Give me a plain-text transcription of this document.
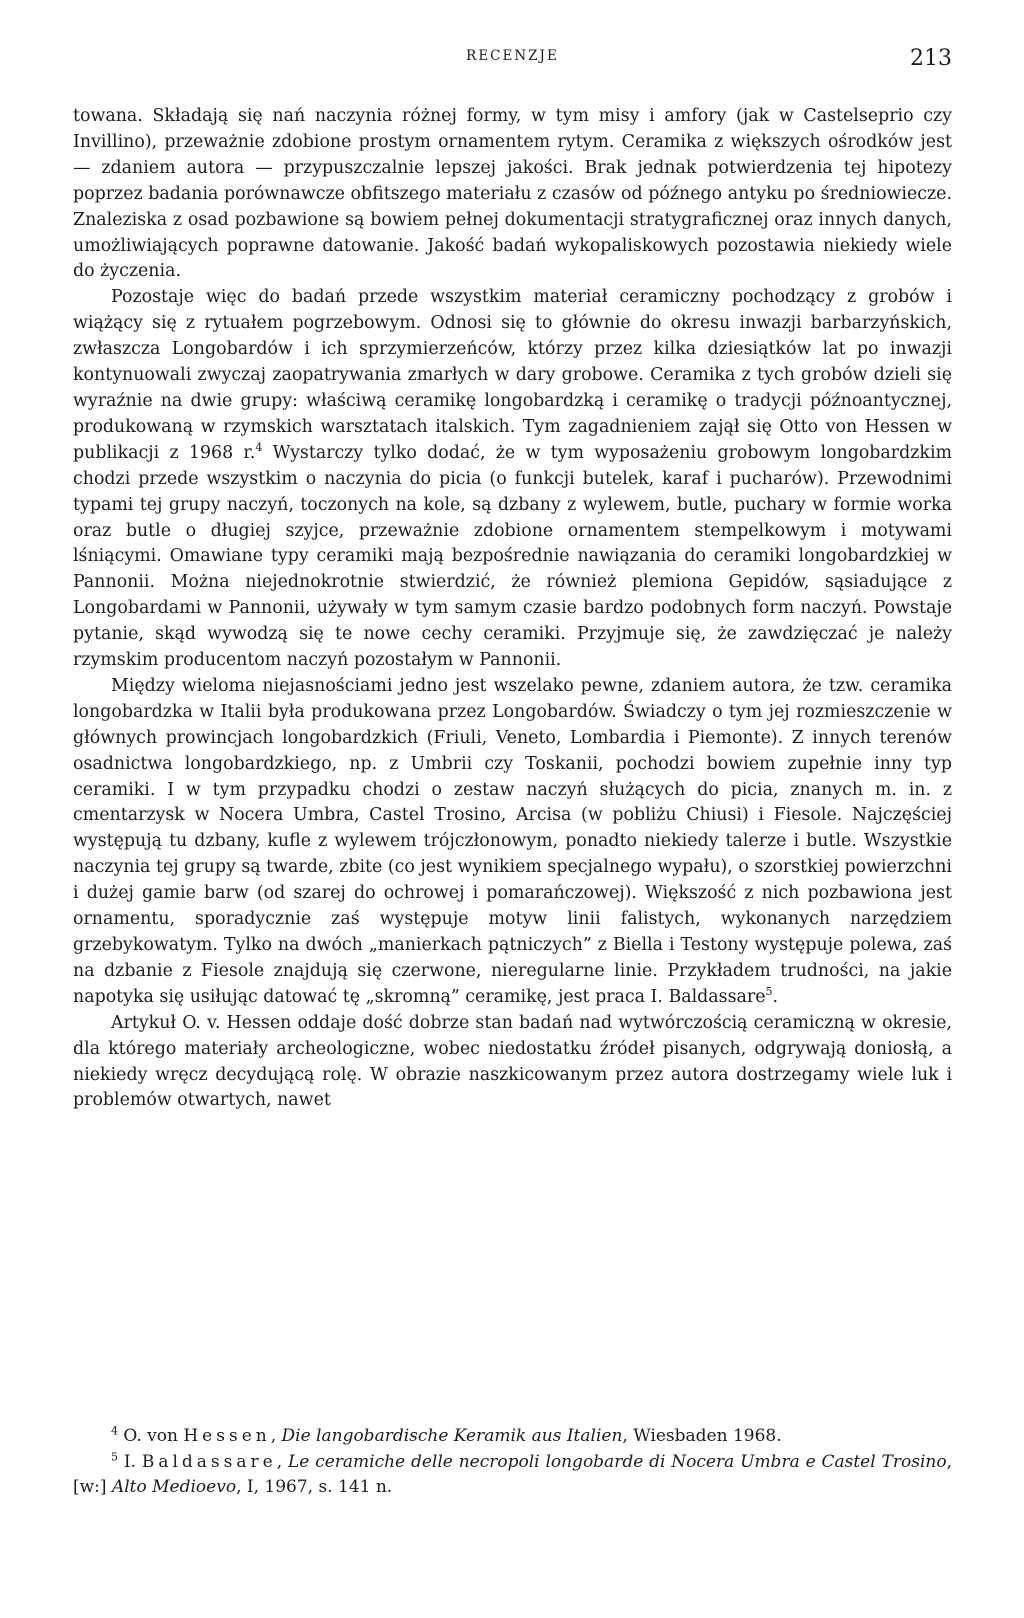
RECENZJE	213

towana. Składają się nań naczynia różnej formy, w tym misy i amfory (jak w Castelseprio czy Invillino), przeważnie zdobione prostym ornamentem rytym. Ceramika z większych ośrodków jest — zdaniem autora — przypuszczalnie lepszej jakości. Brak jednak potwierdzenia tej hipotezy poprzez badania porównawcze obfitszego materiału z czasów od późnego antyku po średniowiecze. Znaleziska z osad pozbawione są bowiem pełnej dokumentacji stratygraficznej oraz innych danych, umożliwiających poprawne datowanie. Jakość badań wykopaliskowych pozostawia niekiedy wiele do życzenia.

Pozostaje więc do badań przede wszystkim materiał ceramiczny pochodzący z grobów i wiążący się z rytuałem pogrzebowym. Odnosi się to głównie do okresu inwazji barbarzyńskich, zwłaszcza Longobardów i ich sprzymierzeńców, którzy przez kilka dziesiątków lat po inwazji kontynuowali zwyczaj zaopatrywania zmarłych w dary grobowe. Ceramika z tych grobów dzieli się wyraźnie na dwie grupy: właściwą ceramikę longobardzką i ceramikę o tradycji późnoantycznej, produkowaną w rzymskich warsztatach italskich. Tym zagadnieniem zajął się Otto von Hessen w publikacji z 1968 r.$^4$ Wystarczy tylko dodać, że w tym wyposażeniu grobowym longobardzkim chodzi przede wszystkim o naczynia do picia (o funkcji butelek, karaf i pucharów). Przewodnimi typami tej grupy naczyń, toczonych na kole, są dzbany z wylewem, butle, puchary w formie worka oraz butle o długiej szyjce, przeważnie zdobione ornamentem stempelkowym i motywami lśniącymi. Omawiane typy ceramiki mają bezpośrednie nawiązania do ceramiki longobardzkiej w Pannonii. Można niejednokrotnie stwierdzić, że również plemiona Gepidów, sąsiadujące z Longobardami w Pannonii, używały w tym samym czasie bardzo podobnych form naczyń. Powstaje pytanie, skąd wywodzą się te nowe cechy ceramiki. Przyjmuje się, że zawdzięczać je należy rzymskim producentom naczyń pozostałym w Pannonii.

Między wieloma niejasnościami jedno jest wszelako pewne, zdaniem autora, że tzw. ceramika longobardzka w Italii była produkowana przez Longobardów. Świadczy o tym jej rozmieszczenie w głównych prowincjach longobardzkich (Friuli, Veneto, Lombardia i Piemonte). Z innych terenów osadnictwa longobardzkiego, np. z Umbrii czy Toskanii, pochodzi bowiem zupełnie inny typ ceramiki. I w tym przypadku chodzi o zestaw naczyń służących do picia, znanych m. in. z cmentarzysk w Nocera Umbra, Castel Trosino, Arcisa (w pobliżu Chiusi) i Fiesole. Najczęściej występują tu dzbany, kufle z wylewem trójczłonowym, ponadto niekiedy talerze i butle. Wszystkie naczynia tej grupy są twarde, zbite (co jest wynikiem specjalnego wypału), o szorstkiej powierzchni i dużej gamie barw (od szarej do ochrowej i pomarańczowej). Większość z nich pozbawiona jest ornamentu, sporadycznie zaś występuje motyw linii falistych, wykonanych narzędziem grzebykowatym. Tylko na dwóch „manierkach pątniczych” z Biella i Testony występuje polewa, zaś na dzbanie z Fiesole znajdują się czerwone, nieregularne linie. Przykładem trudności, na jakie napotyka się usiłując datować tę „skromną” ceramikę, jest praca I. Baldassare$^5$.

Artykuł O. v. Hessen oddaje dość dobrze stan badań nad wytwórczością ceramiczną w okresie, dla którego materiały archeologiczne, wobec niedostatku źródeł pisanych, odgrywają doniosłą, a niekiedy wręcz decydującą rolę. W obrazie naszkicowanym przez autora dostrzegamy wiele luk i problemów otwartych, nawet

$^4$ O. von Hessen, Die langobardische Keramik aus Italien, Wiesbaden 1968.

$^5$ I. Baldassare, Le ceramiche delle necropoli longobarde di Nocera Umbra e Castel Trosino, [w:] Alto Medioevo, I, 1967, s. 141 n.
